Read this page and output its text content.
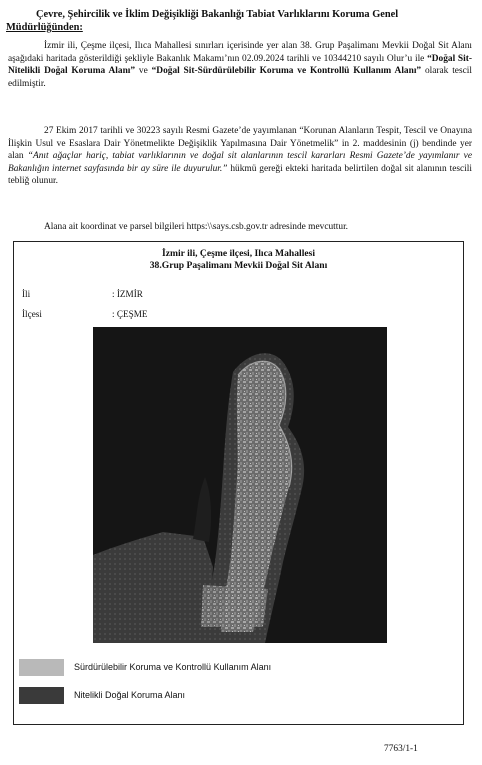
Çevre, Şehircilik ve İklim Değişikliği Bakanlığı Tabiat Varlıklarını Koruma Genel
Müdürlüğünden:

İzmir ili, Çeşme ilçesi, Ilıca Mahallesi sınırları içerisinde yer alan 38. Grup Paşalimanı Mevkii Doğal Sit Alanı aşağıdaki haritada gösterildiği şekliyle Bakanlık Makamı’nın 02.09.2024 tarihli ve 10344210 sayılı Olur’u ile “Doğal Sit-Nitelikli Doğal Koruma Alanı” ve “Doğal Sit-Sürdürülebilir Koruma ve Kontrollü Kullanım Alanı” olarak tescil edilmiştir.

27 Ekim 2017 tarihli ve 30223 sayılı Resmi Gazete’de yayımlanan “Korunan Alanların Tespit, Tescil ve Onayına İlişkin Usul ve Esaslara Dair Yönetmelikte Değişiklik Yapılmasına Dair Yönetmelik” in 2. maddesinin (j) bendinde yer alan “Anıt ağaçlar hariç, tabiat varlıklarının ve doğal sit alanlarının tescil kararları Resmi Gazete’de yayımlanır ve Bakanlığın internet sayfasında bir ay süre ile duyurulur.” hükmü gereği ekteki haritada belirtilen doğal sit alanının tescili tebliğ olunur.

Alana ait koordinat ve parsel bilgileri https:\\says.csb.gov.tr adresinde mevcuttur.

İzmir ili, Çeşme ilçesi, Ilıca Mahallesi
38.Grup Paşalimanı Mevkii Doğal Sit Alanı
İli	: İZMİR
İlçesi	: ÇEŞME
Sürdürülebilir Koruma ve Kontrollü Kullanım Alanı
Nitelikli Doğal Koruma Alanı
7763/1-1
